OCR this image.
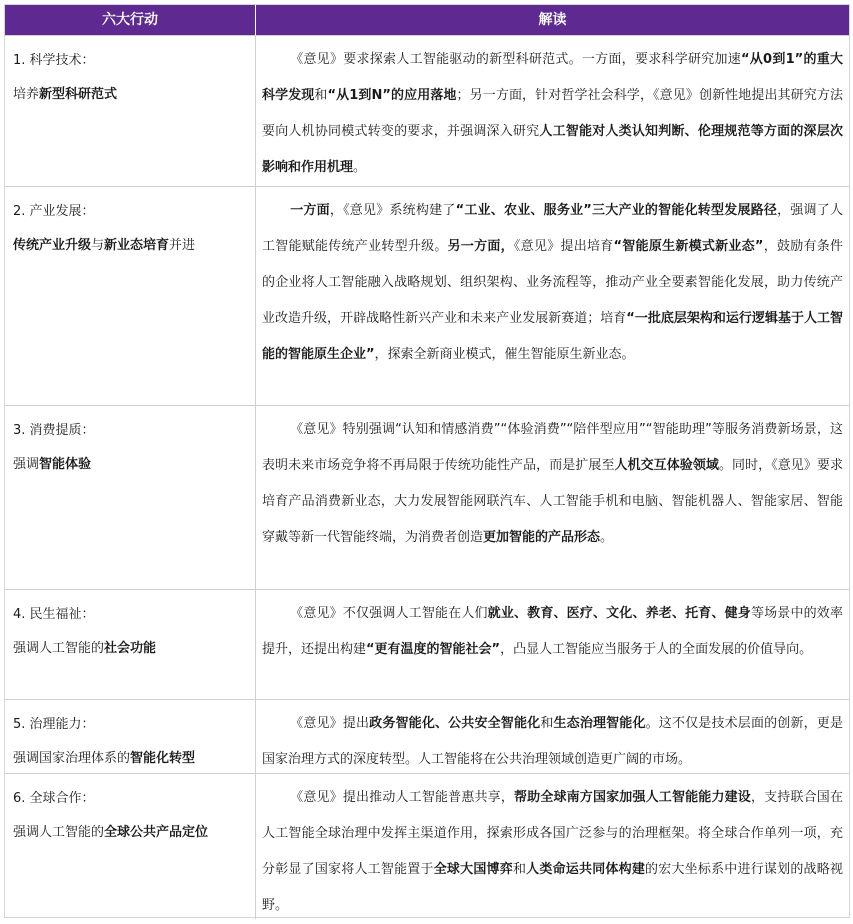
六大行动	解读
1. 科学技术：
培养新型科研范式

《意见》要求探索人工智能驱动的新型科研范式。一方面，要求科学研究加速“从0到1”的重大科学发现和“从1到N”的应用落地；另一方面，针对哲学社会科学，《意见》创新性地提出其研究方法要向人机协同模式转变的要求，并强调深入研究人工智能对人类认知判断、伦理规范等方面的深层次影响和作用机理。

2. 产业发展：
传统产业升级与新业态培育并进

一方面，《意见》系统构建了“工业、农业、服务业”三大产业的智能化转型发展路径，强调了人工智能赋能传统产业转型升级。另一方面，《意见》提出培育“智能原生新模式新业态”，鼓励有条件的企业将人工智能融入战略规划、组织架构、业务流程等，推动产业全要素智能化发展，助力传统产业改造升级，开辟战略性新兴产业和未来产业发展新赛道；培育“一批底层架构和运行逻辑基于人工智能的智能原生企业”，探索全新商业模式，催生智能原生新业态。

3. 消费提质：
强调智能体验

《意见》特别强调“认知和情感消费”“体验消费”“陪伴型应用”“智能助理”等服务消费新场景，这表明未来市场竞争将不再局限于传统功能性产品，而是扩展至人机交互体验领域。同时，《意见》要求培育产品消费新业态，大力发展智能网联汽车、人工智能手机和电脑、智能机器人、智能家居、智能穿戴等新一代智能终端，为消费者创造更加智能的产品形态。

4. 民生福祉：
强调人工智能的社会功能

《意见》不仅强调人工智能在人们就业、教育、医疗、文化、养老、托育、健身等场景中的效率提升，还提出构建“更有温度的智能社会”，凸显人工智能应当服务于人的全面发展的价值导向。

5. 治理能力：
强调国家治理体系的智能化转型

《意见》提出政务智能化、公共安全智能化和生态治理智能化。这不仅是技术层面的创新，更是国家治理方式的深度转型。人工智能将在公共治理领域创造更广阔的市场。

6. 全球合作：
强调人工智能的全球公共产品定位

《意见》提出推动人工智能普惠共享，帮助全球南方国家加强人工智能能力建设，支持联合国在人工智能全球治理中发挥主渠道作用，探索形成各国广泛参与的治理框架。将全球合作单列一项，充分彰显了国家将人工智能置于全球大国博弈和人类命运共同体构建的宏大坐标系中进行谋划的战略视野。
